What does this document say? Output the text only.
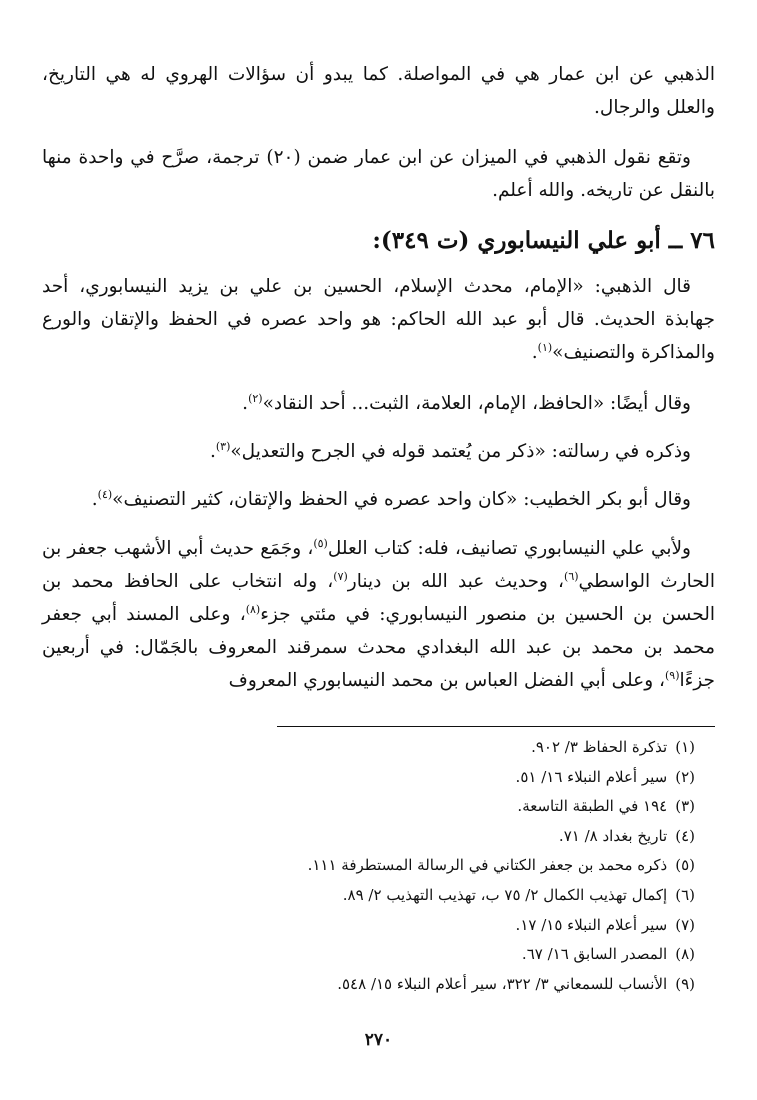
الذهبي عن ابن عمار هي في المواصلة. كما يبدو أن سؤالات الهروي له هي التاريخ، والعلل والرجال.

وتقع نقول الذهبي في الميزان عن ابن عمار ضمن (٢٠) ترجمة، صرَّح في واحدة منها بالنقل عن تاريخه. والله أعلم.

٧٦ ــ أبو علي النيسابوري (ت ٣٤٩):

قال الذهبي: «الإمام، محدث الإسلام، الحسين بن علي بن يزيد النيسابوري، أحد جهابذة الحديث. قال أبو عبد الله الحاكم: هو واحد عصره في الحفظ والإتقان والورع والمذاكرة والتصنيف»$^{(١)}$.

وقال أيضًا: «الحافظ، الإمام، العلامة، الثبت... أحد النقاد»$^{(٢)}$.

وذكره في رسالته: «ذكر من يُعتمد قوله في الجرح والتعديل»$^{(٣)}$.

وقال أبو بكر الخطيب: «كان واحد عصره في الحفظ والإتقان، كثير التصنيف»$^{(٤)}$.

ولأبي علي النيسابوري تصانيف، فله: كتاب العلل$^{(٥)}$، وجَمَع حديث أبي الأشهب جعفر بن الحارث الواسطي$^{(٦)}$، وحديث عبد الله بن دينار$^{(٧)}$، وله انتخاب على الحافظ محمد بن الحسن بن الحسين بن منصور النيسابوري: في مئتي جزء$^{(٨)}$، وعلى المسند أبي جعفر محمد بن محمد بن عبد الله البغدادي محدث سمرقند المعروف بالجَمّال: في أربعين جزءًا$^{(٩)}$، وعلى أبي الفضل العباس بن محمد النيسابوري المعروف

(١)تذكرة الحفاظ ٣/ ٩٠٢.
(٢)سير أعلام النبلاء ١٦/ ٥١.
(٣)١٩٤ في الطبقة التاسعة.
(٤)تاريخ بغداد ٨/ ٧١.
(٥)ذكره محمد بن جعفر الكتاني في الرسالة المستطرفة ١١١.
(٦)إكمال تهذيب الكمال ٢/ ٧٥ ب، تهذيب التهذيب ٢/ ٨٩.
(٧)سير أعلام النبلاء ١٥/ ١٧.
(٨)المصدر السابق ١٦/ ٦٧.
(٩)الأنساب للسمعاني ٣/ ٣٢٢، سير أعلام النبلاء ١٥/ ٥٤٨.
٢٧٠
